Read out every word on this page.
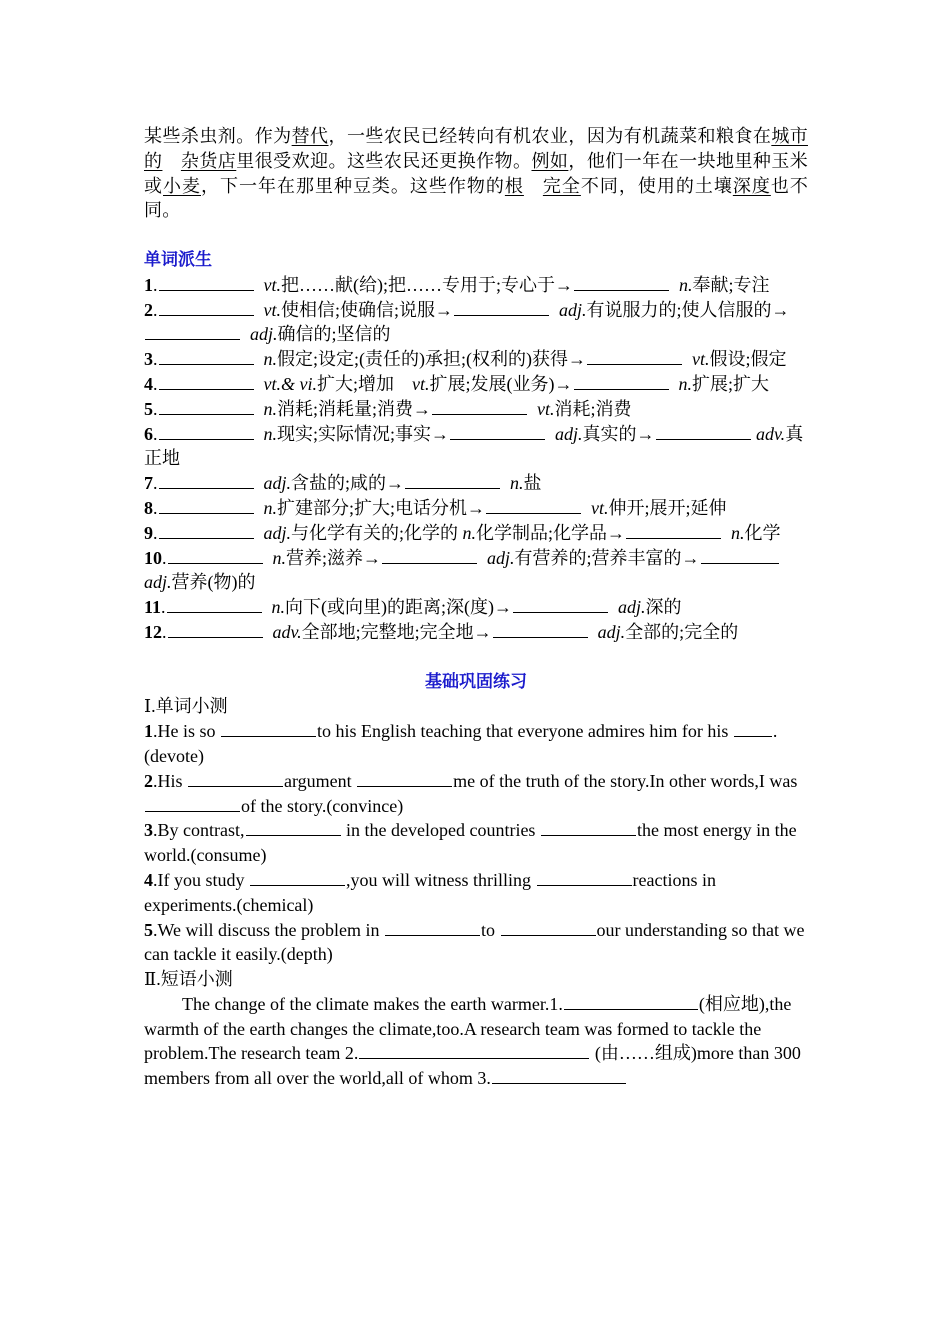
某些杀虫剂。作为替代，一些农民已经转向有机农业，因为有机蔬菜和粮食在城市的　 杂货店里很受欢迎。这些农民还更换作物。例如，他们一年在一块地里种玉米或小麦，下一年在那里种豆类。这些作物的根　 完全不同，使用的土壤深度也不同。

单词派生

1.	vt.把……献(给);把……专用于;专心于→	n.奉献;专注

2.	vt.使相信;使确信;说服→	adj.有说服力的;使人信服的→  adj.确信的;坚信的

3.	n.假定;设定;(责任的)承担;(权利的)获得→	vt.假设;假定

4.	vt.& vi.扩大;增加　vt.扩展;发展(业务)→	n.扩展;扩大

5.	n.消耗;消耗量;消费→	vt.消耗;消费

6.	n.现实;实际情况;事实→	adj.真实的→	adv.真正地

7.	adj.含盐的;咸的→	n.盐

8.	n.扩建部分;扩大;电话分机→	vt.伸开;展开;延伸

9.	adj.与化学有关的;化学的 n.化学制品;化学品→	n.化学

10.	n.营养;滋养→	adj.有营养的;营养丰富的→ adj.营养(物)的

11.	n.向下(或向里)的距离;深(度)→	adj.深的

12.	adv.全部地;完整地;完全地→	adj.全部的;完全的

基础巩固练习

Ⅰ.单词小测

1.He is so	to his English teaching that everyone admires him for his .(devote)

2.His	argument	me of the truth of the story.In other words,I was of the story.(convince)

3.By contrast,	in the developed countries	the most energy in the world.(consume)

4.If you study	,you will witness thrilling	reactions in experiments.(chemical)

5.We will discuss the problem in	to	our understanding so that we can tackle it easily.(depth)

Ⅱ.短语小测

The change of the climate makes the earth warmer.1.	(相应地),the warmth of the earth changes the climate,too.A research team was formed to tackle the problem.The research team 2.	(由……组成)more than 300 members from all over the world,all of whom 3.
